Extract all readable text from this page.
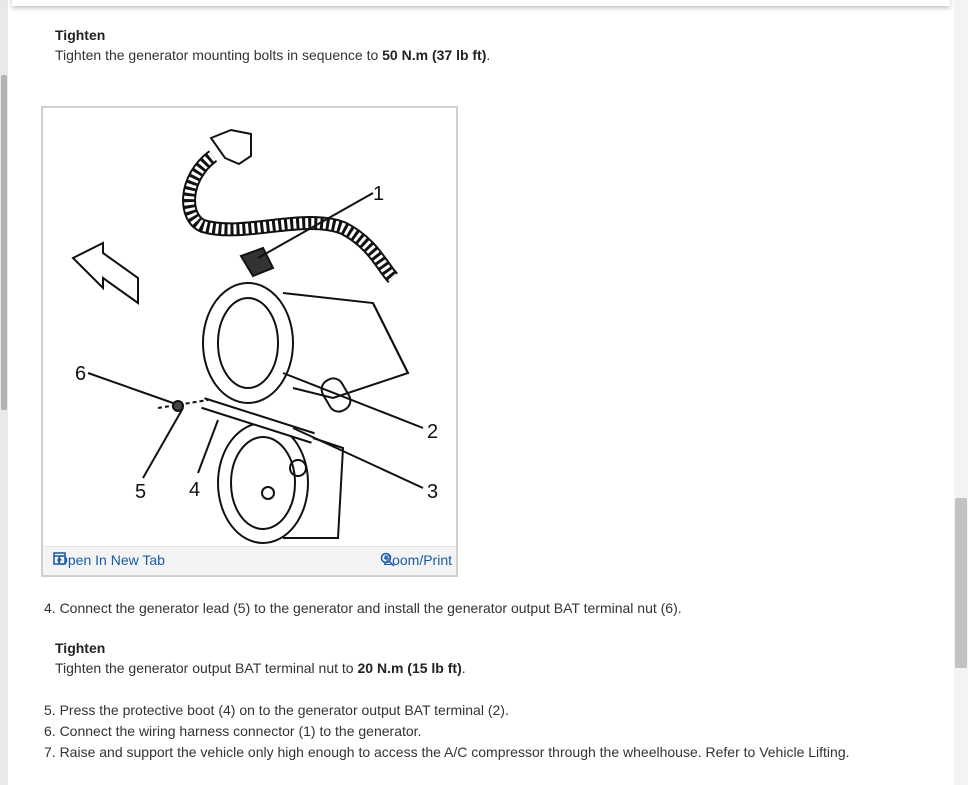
Tighten
Tighten the generator mounting bolts in sequence to 50 N.m (37 lb ft).
1
2
3
4
5
6
Open In New Tab	Zoom/Print
4. Connect the generator lead (5) to the generator and install the generator output BAT terminal nut (6).
Tighten
Tighten the generator output BAT terminal nut to 20 N.m (15 lb ft).
5. Press the protective boot (4) on to the generator output BAT terminal (2).
6. Connect the wiring harness connector (1) to the generator.
7. Raise and support the vehicle only high enough to access the A/C compressor through the wheelhouse. Refer to Vehicle Lifting.
